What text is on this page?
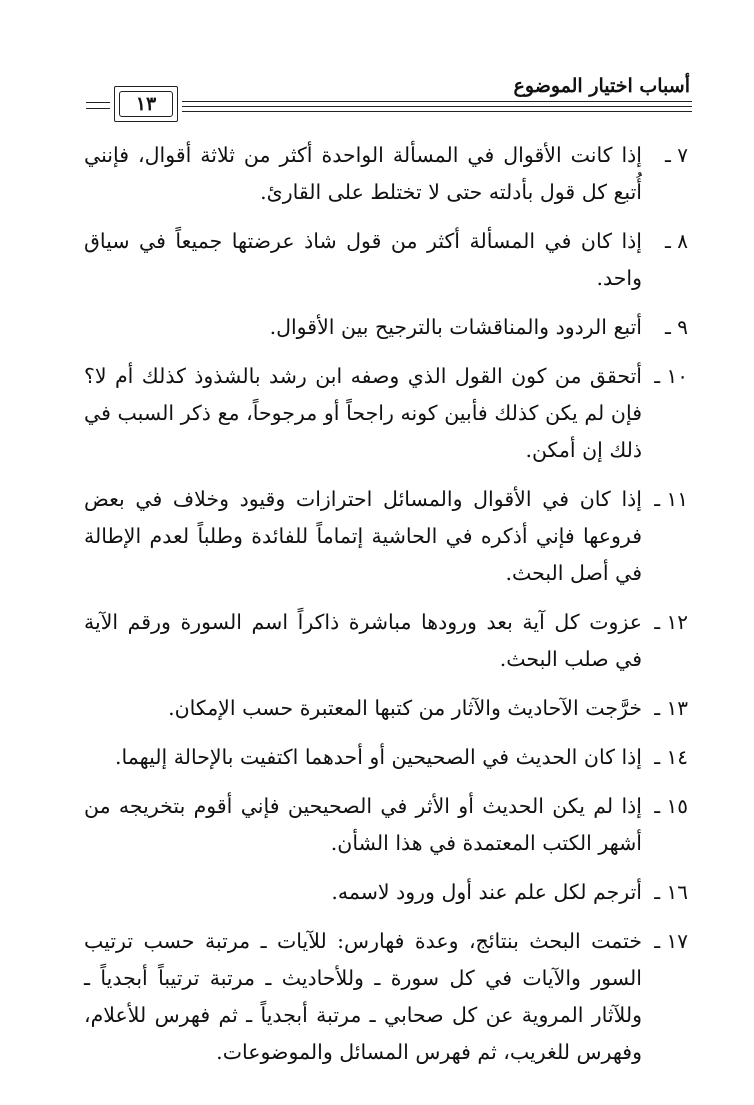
أسباب اختيار الموضوع
١٣
٧ ـ
إذا كانت الأقوال في المسألة الواحدة أكثر من ثلاثة أقوال، فإنني أُتبع كل قول بأدلته حتى لا تختلط على القارئ.
٨ ـ
إذا كان في المسألة أكثر من قول شاذ عرضتها جميعاً في سياق واحد.
٩ ـ
أتبع الردود والمناقشات بالترجيح بين الأقوال.
١٠ ـ
أتحقق من كون القول الذي وصفه ابن رشد بالشذوذ كذلك أم لا؟ فإن لم يكن كذلك فأبين كونه راجحاً أو مرجوحاً، مع ذكر السبب في ذلك إن أمكن.
١١ ـ
إذا كان في الأقوال والمسائل احترازات وقيود وخلاف في بعض فروعها فإني أذكره في الحاشية إتماماً للفائدة وطلباً لعدم الإطالة في أصل البحث.
١٢ ـ
عزوت كل آية بعد ورودها مباشرة ذاكراً اسم السورة ورقم الآية في صلب البحث.
١٣ ـ
خرَّجت الآحاديث والآثار من كتبها المعتبرة حسب الإمكان.
١٤ ـ
إذا كان الحديث في الصحيحين أو أحدهما اكتفيت بالإحالة إليهما.
١٥ ـ
إذا لم يكن الحديث أو الأثر في الصحيحين فإني أقوم بتخريجه من أشهر الكتب المعتمدة في هذا الشأن.
١٦ ـ
أترجم لكل علم عند أول ورود لاسمه.
١٧ ـ
ختمت البحث بنتائج، وعدة فهارس: للآيات ـ مرتبة حسب ترتيب السور والآيات في كل سورة ـ وللأحاديث ـ مرتبة ترتيباً أبجدياً ـ وللآثار المروية عن كل صحابي ـ مرتبة أبجدياً ـ ثم فهرس للأعلام، وفهرس للغريب، ثم فهرس المسائل والموضوعات.
